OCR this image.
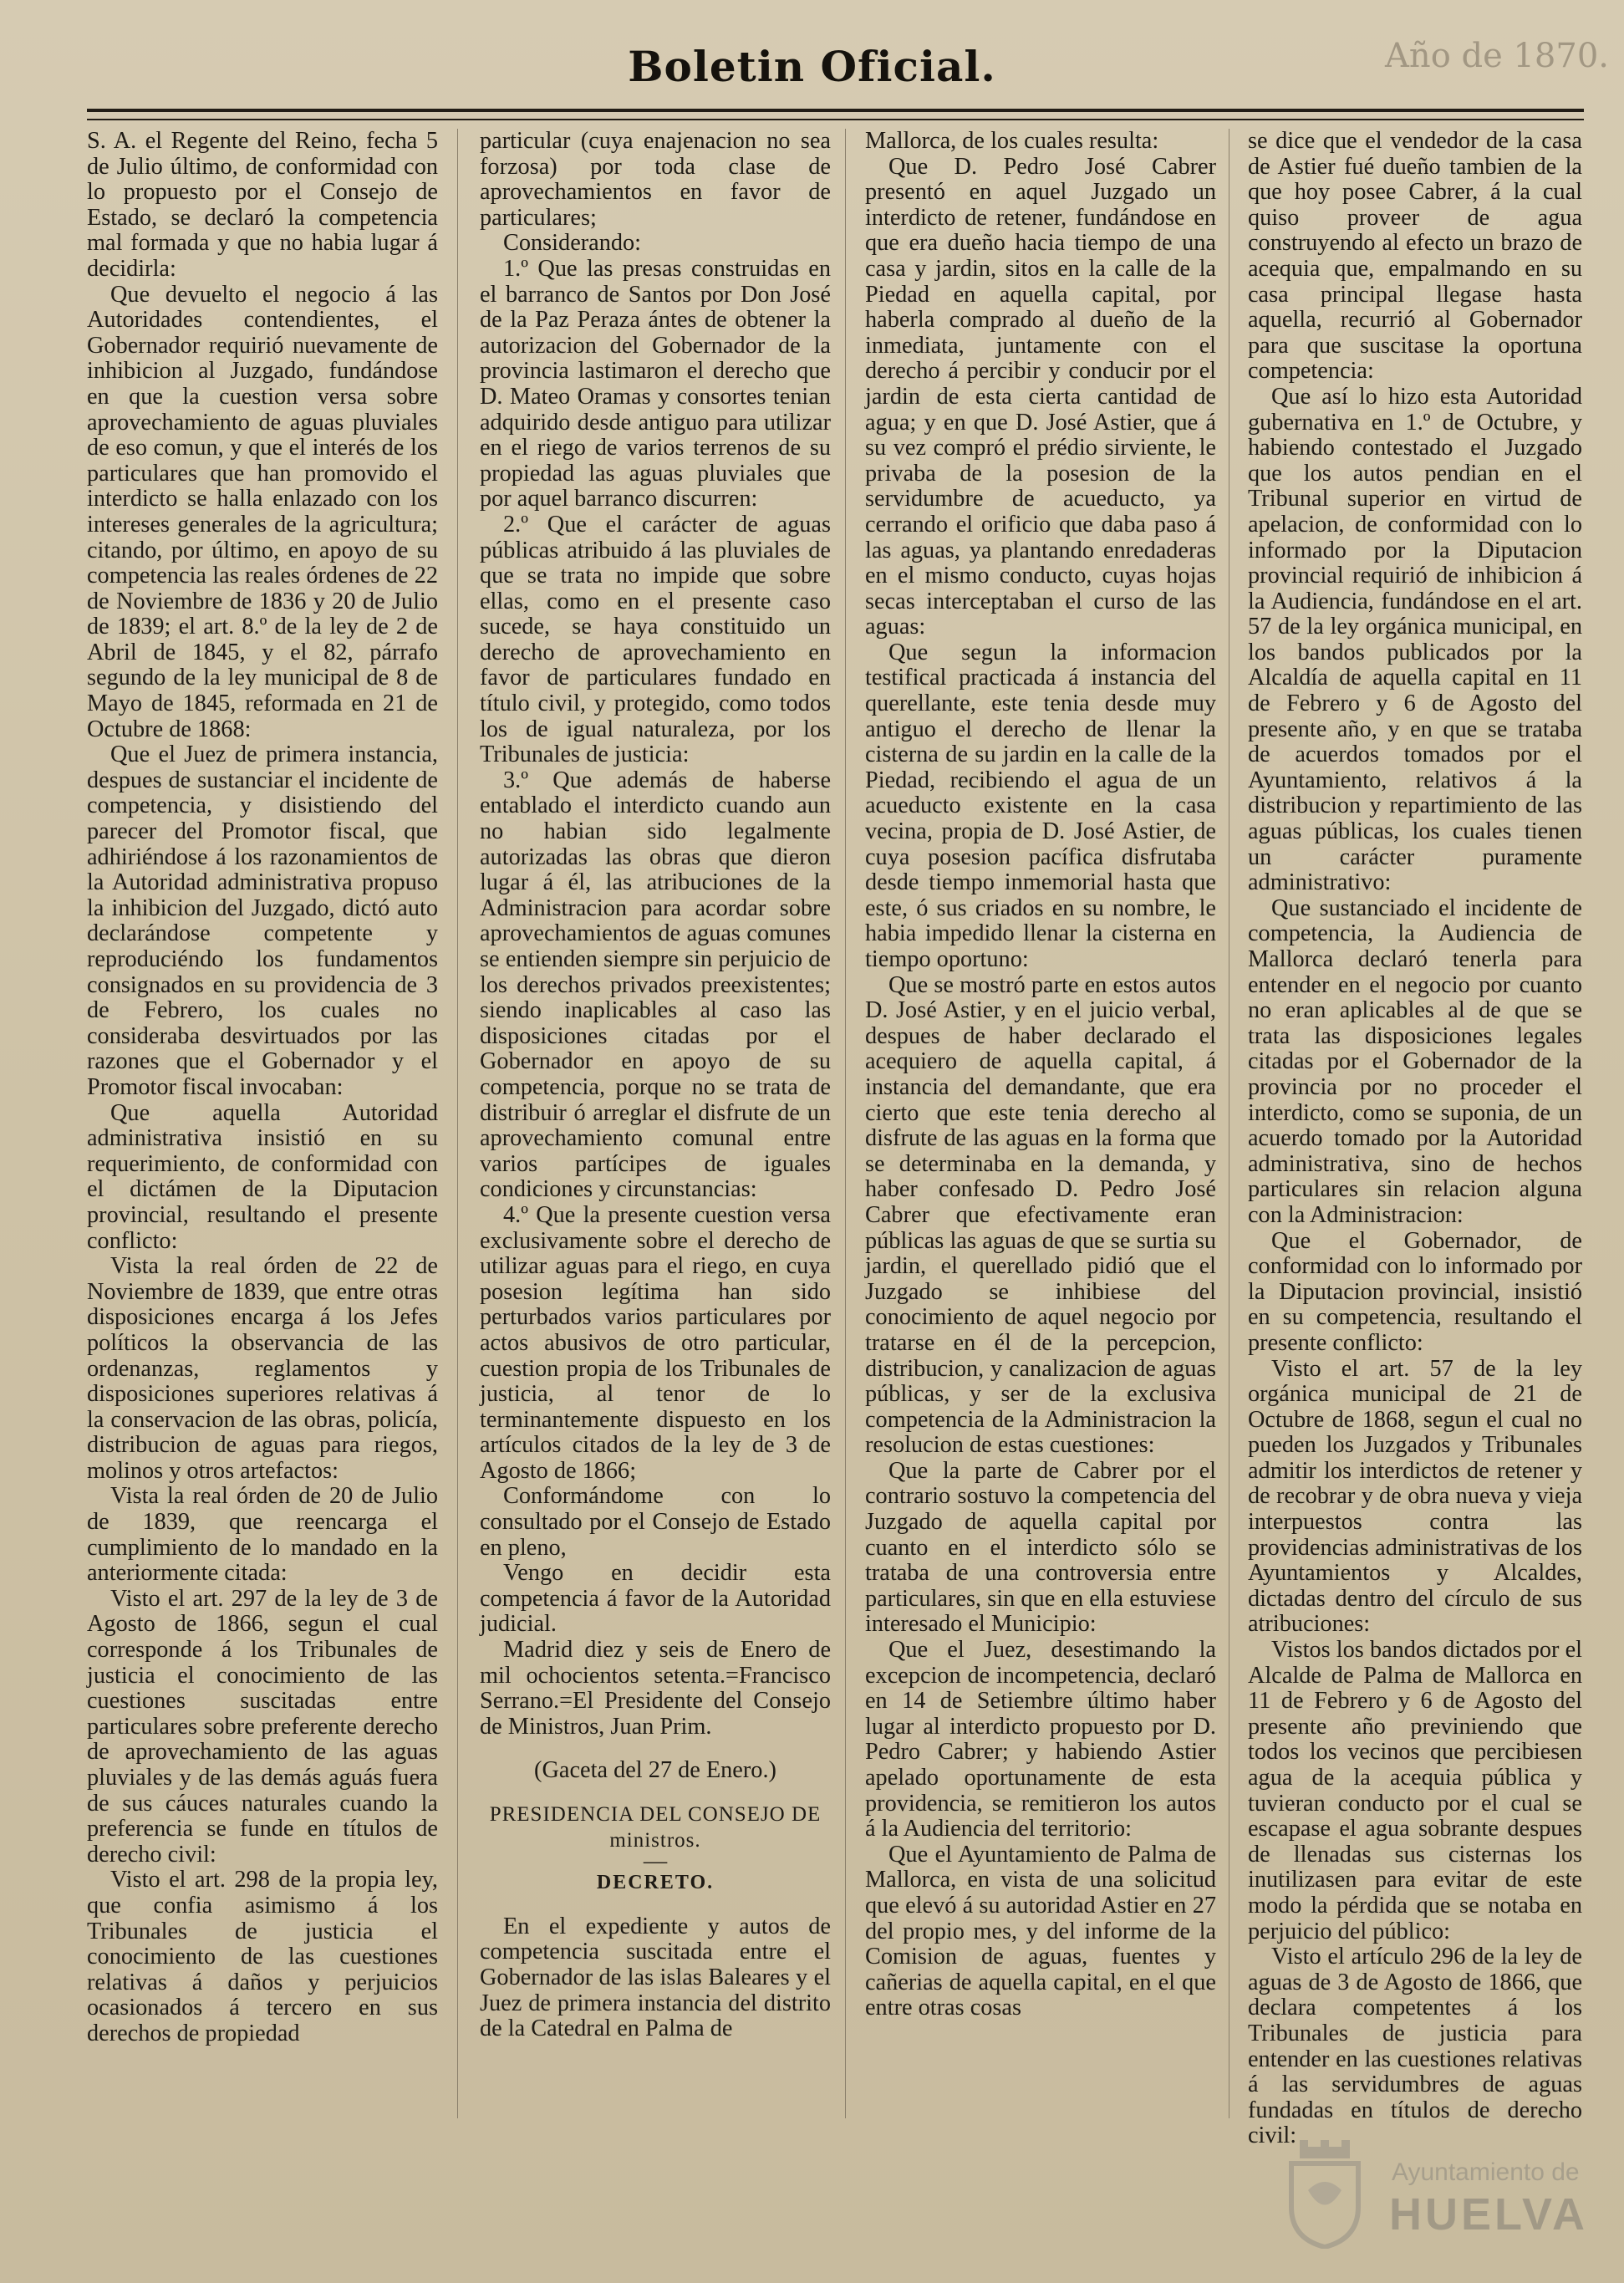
Año de 1870.
Boletin Oficial.

S. A. el Regente del Reino, fecha 5 de Julio último, de conformidad con lo propuesto por el Consejo de Estado, se declaró la competencia mal formada y que no habia lugar á decidirla:

Que devuelto el negocio á las Autoridades contendientes, el Gobernador requirió nuevamente de inhibicion al Juzgado, fundándose en que la cuestion versa sobre aprovechamiento de aguas pluviales de eso comun, y que el interés de los particulares que han promovido el interdicto se halla enlazado con los intereses generales de la agricultura; citando, por último, en apoyo de su competencia las reales órdenes de 22 de Noviembre de 1836 y 20 de Julio de 1839; el art. 8.º de la ley de 2 de Abril de 1845, y el 82, párrafo segundo de la ley municipal de 8 de Mayo de 1845, reformada en 21 de Octubre de 1868:

Que el Juez de primera instancia, despues de sustanciar el incidente de competencia, y disistiendo del parecer del Promotor fiscal, que adhiriéndose á los razonamientos de la Autoridad administrativa propuso la inhibicion del Juzgado, dictó auto declarándose competente y reproduciéndo los fundamentos consignados en su providencia de 3 de Febrero, los cuales no consideraba desvirtuados por las razones que el Gobernador y el Promotor fiscal invocaban:

Que aquella Autoridad administrativa insistió en su requerimiento, de conformidad con el dictámen de la Diputacion provincial, resultando el presente conflicto:

Vista la real órden de 22 de Noviembre de 1839, que entre otras disposiciones encarga á los Jefes políticos la observancia de las ordenanzas, reglamentos y disposiciones superiores relativas á la conservacion de las obras, policía, distribucion de aguas para riegos, molinos y otros artefactos:

Vista la real órden de 20 de Julio de 1839, que reencarga el cumplimiento de lo mandado en la anteriormente citada:

Visto el art. 297 de la ley de 3 de Agosto de 1866, segun el cual corresponde á los Tribunales de justicia el conocimiento de las cuestiones suscitadas entre particulares sobre preferente derecho de aprovechamiento de las aguas pluviales y de las demás aguás fuera de sus cáuces naturales cuando la preferencia se funde en títulos de derecho civil:

Visto el art. 298 de la propia ley, que confia asimismo á los Tribunales de justicia el conocimiento de las cuestiones relativas á daños y perjuicios ocasionados á tercero en sus derechos de propiedad

particular (cuya enajenacion no sea forzosa) por toda clase de aprovechamientos en favor de particulares;

Considerando:

1.º Que las presas construidas en el barranco de Santos por Don José de la Paz Peraza ántes de obtener la autorizacion del Gobernador de la provincia lastimaron el derecho que D. Mateo Oramas y consortes tenian adquirido desde antiguo para utilizar en el riego de varios terrenos de su propiedad las aguas pluviales que por aquel barranco discurren:

2.º Que el carácter de aguas públicas atribuido á las pluviales de que se trata no impide que sobre ellas, como en el presente caso sucede, se haya constituido un derecho de aprovechamiento en favor de particulares fundado en título civil, y protegido, como todos los de igual naturaleza, por los Tribunales de justicia:

3.º Que además de haberse entablado el interdicto cuando aun no habian sido legalmente autorizadas las obras que dieron lugar á él, las atribuciones de la Administracion para acordar sobre aprovechamientos de aguas comunes se entienden siempre sin perjuicio de los derechos privados preexistentes; siendo inaplicables al caso las disposiciones citadas por el Gobernador en apoyo de su competencia, porque no se trata de distribuir ó arreglar el disfrute de un aprovechamiento comunal entre varios partícipes de iguales condiciones y circunstancias:

4.º Que la presente cuestion versa exclusivamente sobre el derecho de utilizar aguas para el riego, en cuya posesion legítima han sido perturbados varios particulares por actos abusivos de otro particular, cuestion propia de los Tribunales de justicia, al tenor de lo terminantemente dispuesto en los artículos citados de la ley de 3 de Agosto de 1866;

Conformándome con lo consultado por el Consejo de Estado en pleno,

Vengo en decidir esta competencia á favor de la Autoridad judicial.

Madrid diez y seis de Enero de mil ochocientos setenta.=Francisco Serrano.=El Presidente del Consejo de Ministros, Juan Prim.

(Gaceta del 27 de Enero.)

PRESIDENCIA DEL CONSEJO DE ministros.

—

DECRETO.

En el expediente y autos de competencia suscitada entre el Gobernador de las islas Baleares y el Juez de primera instancia del distrito de la Catedral en Palma de

Mallorca, de los cuales resulta:

Que D. Pedro José Cabrer presentó en aquel Juzgado un interdicto de retener, fundándose en que era dueño hacia tiempo de una casa y jardin, sitos en la calle de la Piedad en aquella capital, por haberla comprado al dueño de la inmediata, juntamente con el derecho á percibir y conducir por el jardin de esta cierta cantidad de agua; y en que D. José Astier, que á su vez compró el prédio sirviente, le privaba de la posesion de la servidumbre de acueducto, ya cerrando el orificio que daba paso á las aguas, ya plantando enredaderas en el mismo conducto, cuyas hojas secas interceptaban el curso de las aguas:

Que segun la informacion testifical practicada á instancia del querellante, este tenia desde muy antiguo el derecho de llenar la cisterna de su jardin en la calle de la Piedad, recibiendo el agua de un acueducto existente en la casa vecina, propia de D. José Astier, de cuya posesion pacífica disfrutaba desde tiempo inmemorial hasta que este, ó sus criados en su nombre, le habia impedido llenar la cisterna en tiempo oportuno:

Que se mostró parte en estos autos D. José Astier, y en el juicio verbal, despues de haber declarado el acequiero de aquella capital, á instancia del demandante, que era cierto que este tenia derecho al disfrute de las aguas en la forma que se determinaba en la demanda, y haber confesado D. Pedro José Cabrer que efectivamente eran públicas las aguas de que se surtia su jardin, el querellado pidió que el Juzgado se inhibiese del conocimiento de aquel negocio por tratarse en él de la percepcion, distribucion, y canalizacion de aguas públicas, y ser de la exclusiva competencia de la Administracion la resolucion de estas cuestiones:

Que la parte de Cabrer por el contrario sostuvo la competencia del Juzgado de aquella capital por cuanto en el interdicto sólo se trataba de una controversia entre particulares, sin que en ella estuviese interesado el Municipio:

Que el Juez, desestimando la excepcion de incompetencia, declaró en 14 de Setiembre último haber lugar al interdicto propuesto por D. Pedro Cabrer; y habiendo Astier apelado oportunamente de esta providencia, se remitieron los autos á la Audiencia del territorio:

Que el Ayuntamiento de Palma de Mallorca, en vista de una solicitud que elevó á su autoridad Astier en 27 del propio mes, y del informe de la Comision de aguas, fuentes y cañerias de aquella capital, en el que entre otras cosas

se dice que el vendedor de la casa de Astier fué dueño tambien de la que hoy posee Cabrer, á la cual quiso proveer de agua construyendo al efecto un brazo de acequia que, empalmando en su casa principal llegase hasta aquella, recurrió al Gobernador para que suscitase la oportuna competencia:

Que así lo hizo esta Autoridad gubernativa en 1.º de Octubre, y habiendo contestado el Juzgado que los autos pendian en el Tribunal superior en virtud de apelacion, de conformidad con lo informado por la Diputacion provincial requirió de inhibicion á la Audiencia, fundándose en el art. 57 de la ley orgánica municipal, en los bandos publicados por la Alcaldía de aquella capital en 11 de Febrero y 6 de Agosto del presente año, y en que se trataba de acuerdos tomados por el Ayuntamiento, relativos á la distribucion y repartimiento de las aguas públicas, los cuales tienen un carácter puramente administrativo:

Que sustanciado el incidente de competencia, la Audiencia de Mallorca declaró tenerla para entender en el negocio por cuanto no eran aplicables al de que se trata las disposiciones legales citadas por el Gobernador de la provincia por no proceder el interdicto, como se suponia, de un acuerdo tomado por la Autoridad administrativa, sino de hechos particulares sin relacion alguna con la Administracion:

Que el Gobernador, de conformidad con lo informado por la Diputacion provincial, insistió en su competencia, resultando el presente conflicto:

Visto el art. 57 de la ley orgánica municipal de 21 de Octubre de 1868, segun el cual no pueden los Juzgados y Tribunales admitir los interdictos de retener y de recobrar y de obra nueva y vieja interpuestos contra las providencias administrativas de los Ayuntamientos y Alcaldes, dictadas dentro del círculo de sus atribuciones:

Vistos los bandos dictados por el Alcalde de Palma de Mallorca en 11 de Febrero y 6 de Agosto del presente año previniendo que todos los vecinos que percibiesen agua de la acequia pública y tuvieran conducto por el cual se escapase el agua sobrante despues de llenadas sus cisternas los inutilizasen para evitar de este modo la pérdida que se notaba en perjuicio del público:

Visto el artículo 296 de la ley de aguas de 3 de Agosto de 1866, que declara competentes á los Tribunales de justicia para entender en las cuestiones relativas á las servidumbres de aguas fundadas en títulos de derecho civil:

Ayuntamiento de
HUELVA
